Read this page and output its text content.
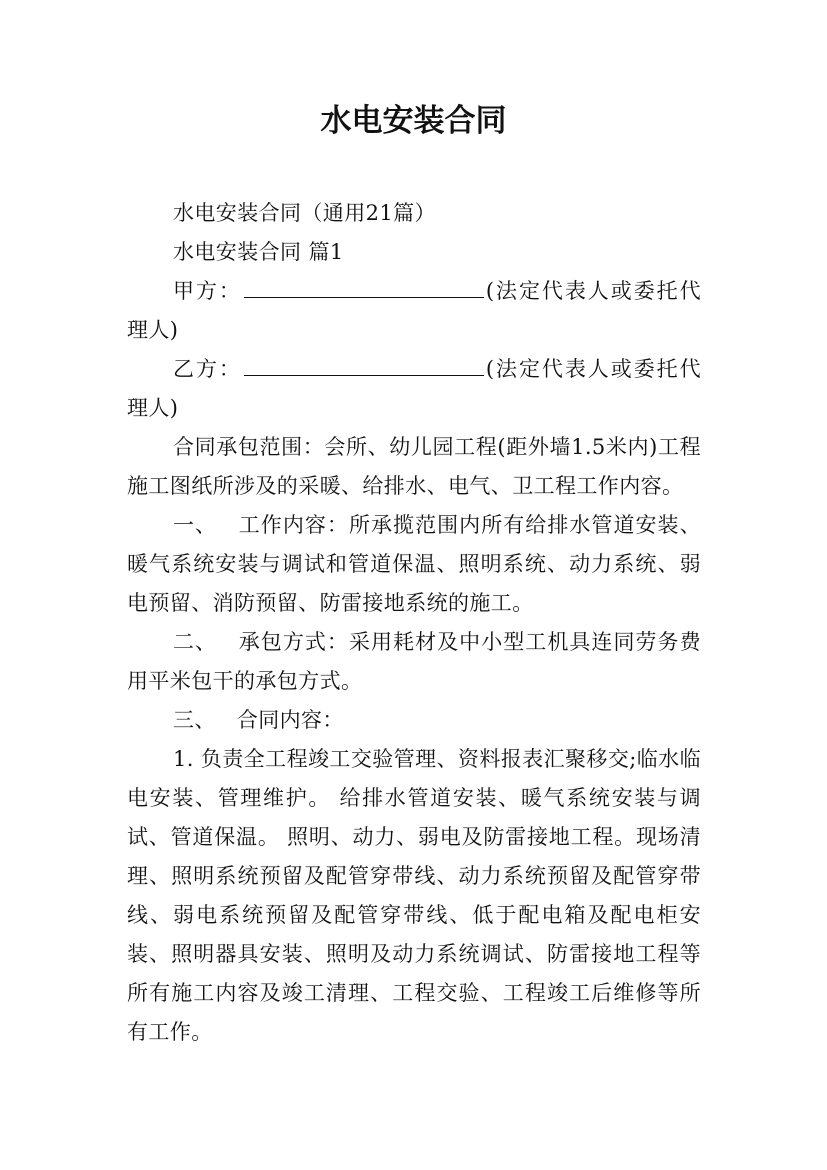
水电安装合同

水电安装合同（通用21篇）

水电安装合同 篇1

甲方：	(法定代表人或委托代理人)

乙方：	(法定代表人或委托代理人)

合同承包范围：会所、幼儿园工程(距外墙1.5米内)工程施工图纸所涉及的采暖、给排水、电气、卫工程工作内容。

一、 工作内容：所承揽范围内所有给排水管道安装、暖气系统安装与调试和管道保温、照明系统、动力系统、弱电预留、消防预留、防雷接地系统的施工。

二、 承包方式：采用耗材及中小型工机具连同劳务费用平米包干的承包方式。

三、 合同内容：

1. 负责全工程竣工交验管理、资料报表汇聚移交;临水临电安装、管理维护。 给排水管道安装、暖气系统安装与调试、管道保温。 照明、动力、弱电及防雷接地工程。现场清理、照明系统预留及配管穿带线、动力系统预留及配管穿带线、弱电系统预留及配管穿带线、低于配电箱及配电柜安装、照明器具安装、照明及动力系统调试、防雷接地工程等所有施工内容及竣工清理、工程交验、工程竣工后维修等所有工作。
